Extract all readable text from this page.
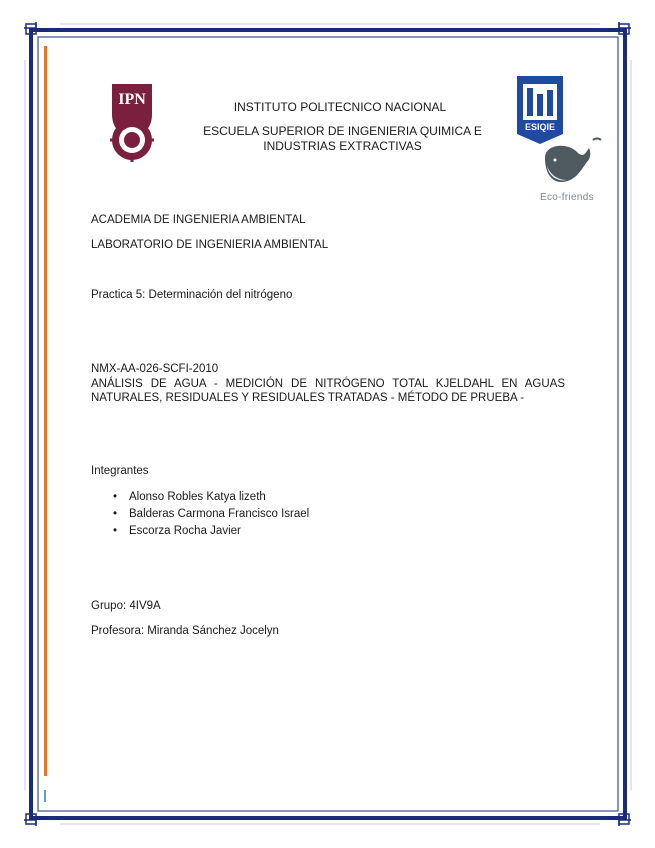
IPN
ESIQIE
Eco-friends
INSTITUTO POLITECNICO NACIONAL
ESCUELA SUPERIOR DE INGENIERIA QUIMICA E INDUSTRIAS EXTRACTIVAS
ACADEMIA DE INGENIERIA AMBIENTAL
LABORATORIO DE INGENIERIA AMBIENTAL
Practica 5: Determinación del nitrógeno
NMX-AA-026-SCFI-2010
ANÁLISIS DE AGUA - MEDICIÓN DE NITRÓGENO TOTAL KJELDAHL EN AGUAS NATURALES, RESIDUALES Y RESIDUALES TRATADAS - MÉTODO DE PRUEBA -
Integrantes
• Alonso Robles Katya lizeth
• Balderas Carmona Francisco Israel
• Escorza Rocha Javier
Grupo: 4IV9A
Profesora: Miranda Sánchez Jocelyn
